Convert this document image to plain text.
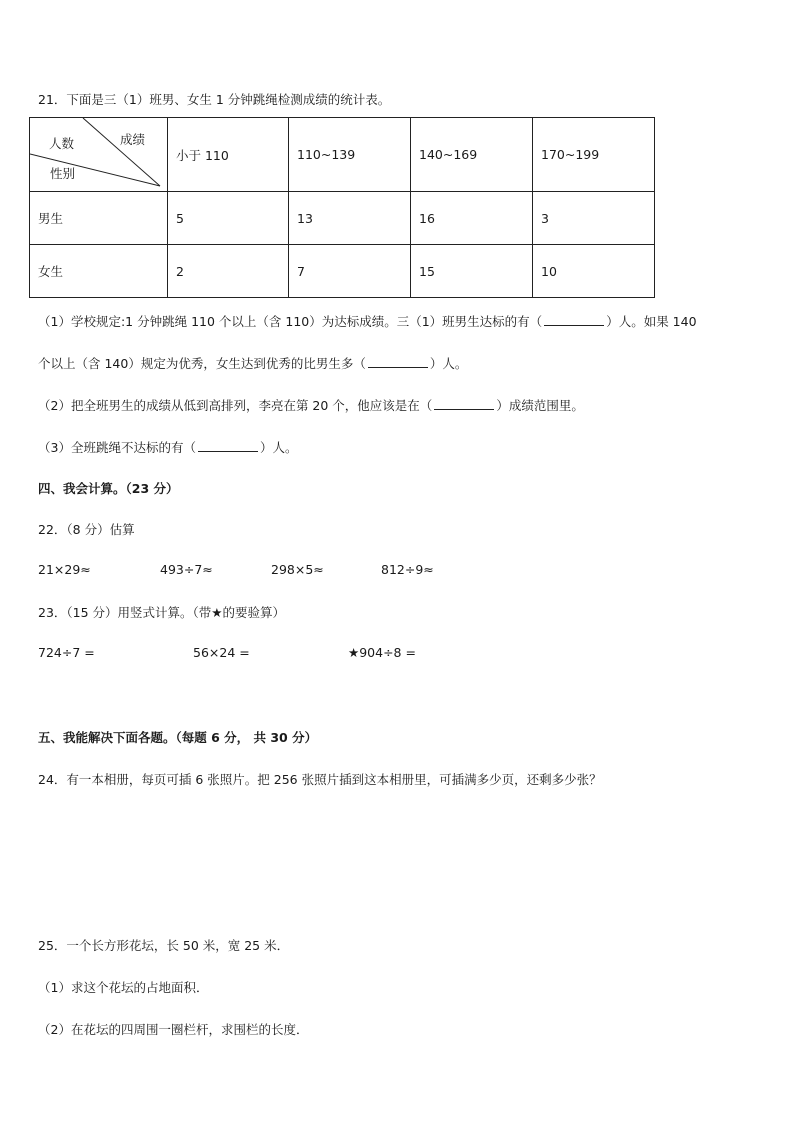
21．下面是三（1）班男、女生 1 分钟跳绳检测成绩的统计表。
成绩
人数
性别	小于 110	110~139	140~169	170~199
男生	5	13	16	3
女生	2	7	15	10
（1）学校规定:1 分钟跳绳 110 个以上（含 110）为达标成绩。三（1）班男生达标的有（	）人。如果 140
个以上（含 140）规定为优秀，女生达到优秀的比男生多（	）人。
（2）把全班男生的成绩从低到高排列，李亮在第 20 个，他应该是在（	）成绩范围里。
（3）全班跳绳不达标的有（	）人。
四、我会计算。（23 分）
22．（8 分）估算
21×29≈	493÷7≈	298×5≈	812÷9≈
23．（15 分）用竖式计算。（带★的要验算）
724÷7 =	56×24 =	★904÷8 =
五、我能解决下面各题。（每题 6 分， 共 30 分）
24．有一本相册，每页可插 6 张照片。把 256 张照片插到这本相册里，可插满多少页，还剩多少张？
25．一个长方形花坛，长 50 米，宽 25 米．
（1）求这个花坛的占地面积．
（2）在花坛的四周围一圈栏杆，求围栏的长度．
